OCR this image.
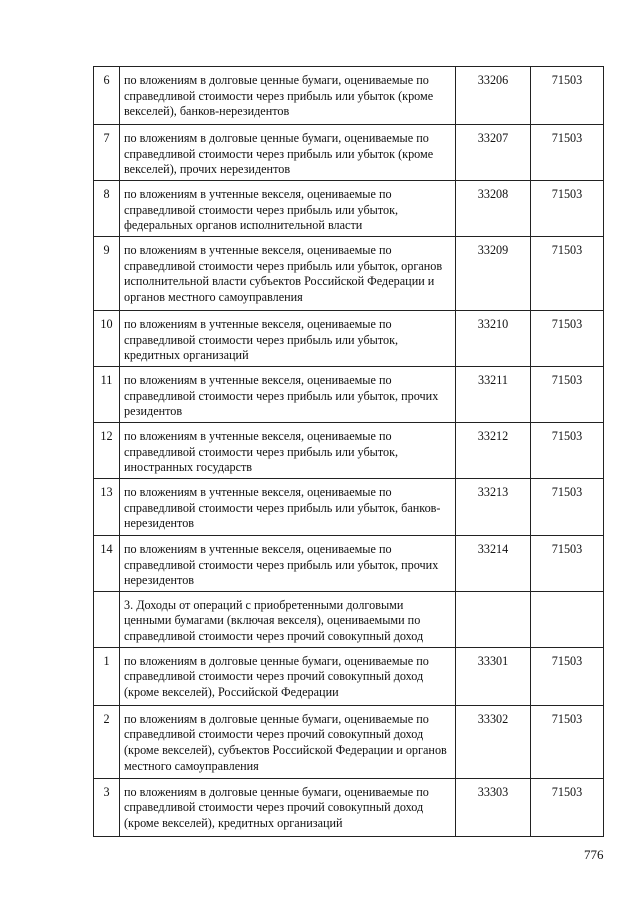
6	по вложениям в долговые ценные бумаги, оцениваемые по справедливой стоимости через прибыль или убыток (кроме векселей), банков-нерезидентов	33206	71503
7	по вложениям в долговые ценные бумаги, оцениваемые по справедливой стоимости через прибыль или убыток (кроме векселей), прочих нерезидентов	33207	71503
8	по вложениям в учтенные векселя, оцениваемые по справедливой стоимости через прибыль или убыток, федеральных органов исполнительной власти	33208	71503
9	по вложениям в учтенные векселя, оцениваемые по справедливой стоимости через прибыль или убыток, органов исполнительной власти субъектов Российской Федерации и органов местного самоуправления	33209	71503
10	по вложениям в учтенные векселя, оцениваемые по справедливой стоимости через прибыль или убыток, кредитных организаций	33210	71503
11	по вложениям в учтенные векселя, оцениваемые по справедливой стоимости через прибыль или убыток, прочих резидентов	33211	71503
12	по вложениям в учтенные векселя, оцениваемые по справедливой стоимости через прибыль или убыток, иностранных государств	33212	71503
13	по вложениям в учтенные векселя, оцениваемые по справедливой стоимости через прибыль или убыток, банков-нерезидентов	33213	71503
14	по вложениям в учтенные векселя, оцениваемые по справедливой стоимости через прибыль или убыток, прочих нерезидентов	33214	71503
	3. Доходы от операций с приобретенными долговыми ценными бумагами (включая векселя), оцениваемыми по справедливой стоимости через прочий совокупный доход		
1	по вложениям в долговые ценные бумаги, оцениваемые по справедливой стоимости через прочий совокупный доход (кроме векселей), Российской Федерации	33301	71503
2	по вложениям в долговые ценные бумаги, оцениваемые по справедливой стоимости через прочий совокупный доход (кроме векселей), субъектов Российской Федерации и органов местного самоуправления	33302	71503
3	по вложениям в долговые ценные бумаги, оцениваемые по справедливой стоимости через прочий совокупный доход (кроме векселей), кредитных организаций	33303	71503
776
